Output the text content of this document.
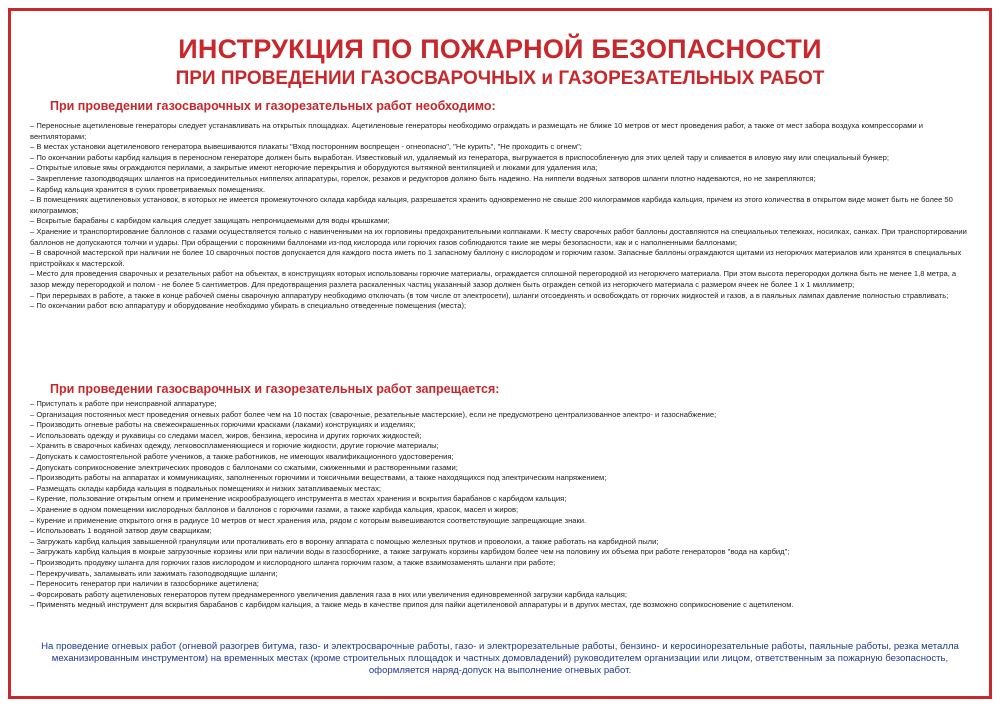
ИНСТРУКЦИЯ ПО ПОЖАРНОЙ БЕЗОПАСНОСТИ
ПРИ ПРОВЕДЕНИИ ГАЗОСВАРОЧНЫХ и ГАЗОРЕЗАТЕЛЬНЫХ РАБОТ
При проведении газосварочных и газорезательных работ необходимо:
– Переносные ацетиленовые генераторы следует устанавливать на открытых площадках. Ацетиленовые генераторы необходимо ограждать и размещать не ближе 10 метров от мест проведения работ, а также от мест забора воздуха компрессорами и вентиляторами;
– В местах установки ацетиленового генератора вывешиваются плакаты "Вход посторонним воспрещен - огнеопасно", "Не курить", "Не проходить с огнем";
– По окончании работы карбид кальция в переносном генераторе должен быть выработан. Известковый ил, удаляемый из генератора, выгружается в приспособленную для этих целей тару и сливается в иловую яму или специальный бункер;
– Открытые иловые ямы ограждаются перилами, а закрытые имеют негорючие перекрытия и оборудуются вытяжной вентиляцией и люками для удаления ила;
– Закрепление газоподводящих шлангов на присоединительных ниппелях аппаратуры, горелок, резаков и редукторов должно быть надежно. На ниппели водяных затворов шланги плотно надеваются, но не закрепляются;
– Карбид кальция хранится в сухих проветриваемых помещениях.
– В помещениях ацетиленовых установок, в которых не имеется промежуточного склада карбида кальция, разрешается хранить одновременно не свыше 200 килограммов карбида кальция, причем из этого количества в открытом виде может быть не более 50 килограммов;
– Вскрытые барабаны с карбидом кальция следует защищать непроницаемыми для воды крышками;
– Хранение и транспортирование баллонов с газами осуществляется только с навинченными на их горловины предохранительными колпаками. К месту сварочных работ баллоны доставляются на специальных тележках, носилках, санках. При транспортировании баллонов не допускаются толчки и удары. При обращении с порожними баллонами из-под кислорода или горючих газов соблюдаются такие же меры безопасности, как и с наполненными баллонами;
– В сварочной мастерской при наличии не более 10 сварочных постов допускается для каждого поста иметь по 1 запасному баллону с кислородом и горючим газом. Запасные баллоны ограждаются щитами из негорючих материалов или хранятся в специальных пристройках к мастерской.
– Место для проведения сварочных и резательных работ на объектах, в конструкциях которых использованы горючие материалы, ограждается сплошной перегородкой из негорючего материала. При этом высота перегородки должна быть не менее 1,8 метра, а зазор между перегородкой и полом - не более 5 сантиметров. Для предотвращения разлета раскаленных частиц указанный зазор должен быть огражден сеткой из негорючего материала с размером ячеек не более 1 х 1 миллиметр;
– При перерывах в работе, а также в конце рабочей смены сварочную аппаратуру необходимо отключать (в том числе от электросети), шланги отсоединять и освобождать от горючих жидкостей и газов, а в паяльных лампах давление полностью стравливать;
– По окончании работ всю аппаратуру и оборудование необходимо убирать в специально отведенные помещения (места);
При проведении газосварочных и газорезательных работ запрещается:
– Приступать к работе при неисправной аппаратуре;
– Организация постоянных мест проведения огневых работ более чем на 10 постах (сварочные, резательные мастерские), если не предусмотрено централизованное электро- и газоснабжение;
– Производить огневые работы на свежеокрашенных горючими красками (лаками) конструкциях и изделиях;
– Использовать одежду и рукавицы со следами масел, жиров, бензина, керосина и других горючих жидкостей;
– Хранить в сварочных кабинах одежду, легковоспламеняющиеся и горючие жидкости, другие горючие материалы;
– Допускать к самостоятельной работе учеников, а также работников, не имеющих квалификационного удостоверения;
– Допускать соприкосновение электрических проводов с баллонами со сжатыми, сжиженными и растворенными газами;
– Производить работы на аппаратах и коммуникациях, заполненных горючими и токсичными веществами, а также находящихся под электрическим напряжением;
– Размещать склады карбида кальция в подвальных помещениях и низких затапливаемых местах;
– Курение, пользование открытым огнем и применение искрообразующего инструмента в местах хранения и вскрытия барабанов с карбидом кальция;
– Хранение в одном помещении кислородных баллонов и баллонов с горючими газами, а также карбида кальция, красок, масел и жиров;
– Курение и применение открытого огня в радиусе 10 метров от мест хранения ила, рядом с которым вывешиваются соответствующие запрещающие знаки.
– Использовать 1 водяной затвор двум сварщикам;
– Загружать карбид кальция завышенной грануляции или проталкивать его в воронку аппарата с помощью железных прутков и проволоки, а также работать на карбидной пыли;
– Загружать карбид кальция в мокрые загрузочные корзины или при наличии воды в газосборнике, а также загружать корзины карбидом более чем на половину их объема при работе генераторов "вода на карбид";
– Производить продувку шланга для горючих газов кислородом и кислородного шланга горючим газом, а также взаимозаменять шланги при работе;
– Перекручивать, заламывать или зажимать газоподводящие шланги;
– Переносить генератор при наличии в газосборнике ацетилена;
– Форсировать работу ацетиленовых генераторов путем преднамеренного увеличения давления газа в них или увеличения единовременной загрузки карбида кальция;
– Применять медный инструмент для вскрытия барабанов с карбидом кальция, а также медь в качестве припоя для пайки ацетиленовой аппаратуры и в других местах, где возможно соприкосновение с ацетиленом.

На проведение огневых работ (огневой разогрев битума, газо- и электросварочные работы, газо- и электрорезательные работы, бензино- и керосинорезательные работы, паяльные работы, резка металла механизированным инструментом) на временных местах (кроме строительных площадок и частных домовладений) руководителем организации или лицом, ответственным за пожарную безопасность, оформляется наряд-допуск на выполнение огневых работ.
